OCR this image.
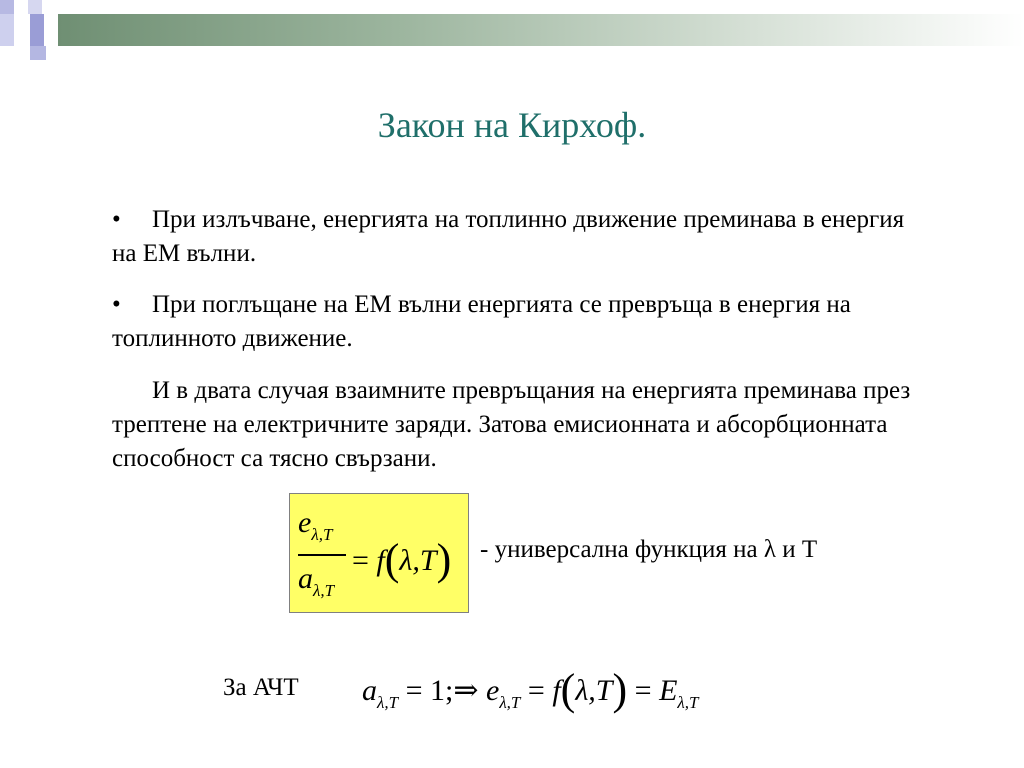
Закон на Кирхоф.

• При излъчване, енергията на топлинно движение преминава в енергия на ЕМ вълни.

• При поглъщане на ЕМ вълни енергията се превръща в енергия на топлинното движение.

И в двата случая взаимните превръщания на енергията преминава през трептене на електричните заряди. Затова емисионната и абсорбционната способност са тясно свързани.

$e_{\lambda,T}$
$a_{\lambda,T}$
= f(λ,T) - универсална функция на λ и Т
За АЧТ $a_{\lambda,T}$ = 1;⇒ $e_{\lambda,T} = f(\lambda,T) = E_{\lambda,T}$
